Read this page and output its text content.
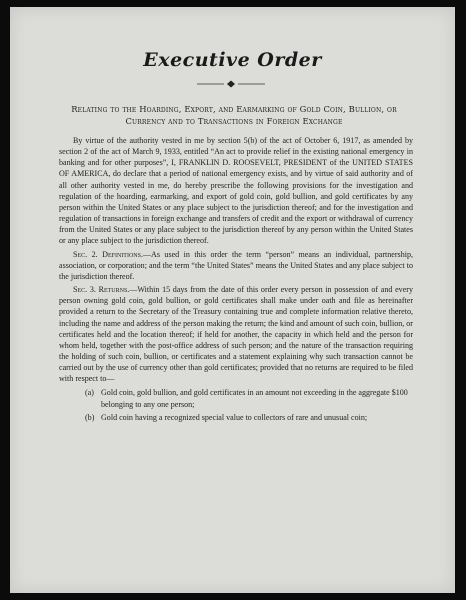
Executive Order
Relating to the Hoarding, Export, and Earmarking of Gold Coin, Bullion, or Currency and to Transactions in Foreign Exchange

By virtue of the authority vested in me by section 5(b) of the act of October 6, 1917, as amended by section 2 of the act of March 9, 1933, entitled “An act to provide relief in the existing national emergency in banking and for other purposes”, I, FRANKLIN D. ROOSEVELT, PRESIDENT of the UNITED STATES OF AMERICA, do declare that a period of national emergency exists, and by virtue of said authority and of all other authority vested in me, do hereby prescribe the following provisions for the investigation and regulation of the hoarding, earmarking, and export of gold coin, gold bullion, and gold certificates by any person within the United States or any place subject to the jurisdiction thereof; and for the investigation and regulation of transactions in foreign exchange and transfers of credit and the export or withdrawal of currency from the United States or any place subject to the jurisdiction thereof by any person within the United States or any place subject to the jurisdiction thereof.

Sec. 2. Definitions.—As used in this order the term “person” means an individual, partnership, association, or corporation; and the term “the United States” means the United States and any place subject to the jurisdiction thereof.

Sec. 3. Returns.—Within 15 days from the date of this order every person in possession of and every person owning gold coin, gold bullion, or gold certificates shall make under oath and file as hereinafter provided a return to the Secretary of the Treasury containing true and complete information relative thereto, including the name and address of the person making the return; the kind and amount of such coin, bullion, or certificates held and the location thereof; if held for another, the capacity in which held and the person for whom held, together with the post-office address of such person; and the nature of the transaction requiring the holding of such coin, bullion, or certificates and a statement explaining why such transaction cannot be carried out by the use of currency other than gold certificates; provided that no returns are required to be filed with respect to—

(a) Gold coin, gold bullion, and gold certificates in an amount not exceeding in the aggregate $100 belonging to any one person;
(b) Gold coin having a recognized special value to collectors of rare and unusual coin;
